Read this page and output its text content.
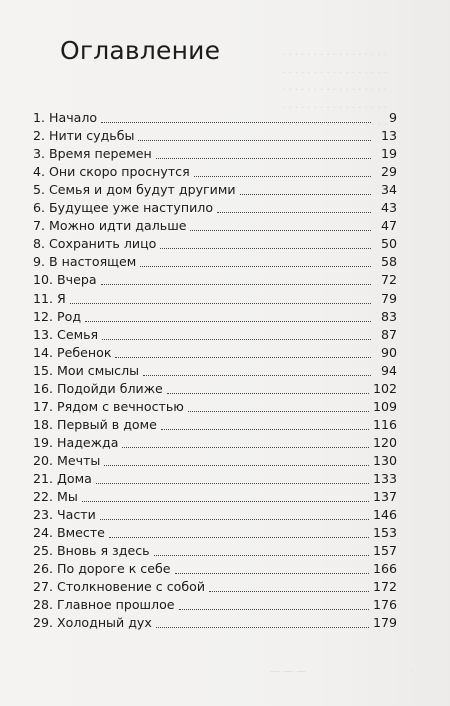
. . . . . . . . . . . . . . . . .
. . . . . . . . . . . . . . . . .
. . . . . . . . . . . . . . . . .
. . . . . . . . . . . . . . . . .
. . . . . . . . . . . . . . . . .
Оглавление
1. Начало	9
2. Нити судьбы	13
3. Время перемен	19
4. Они скоро проснутся	29
5. Семья и дом будут другими	34
6. Будущее уже наступило	43
7. Можно идти дальше	47
8. Сохранить лицо	50
9. В настоящем	58
10. Вчера	72
11. Я	79
12. Род	83
13. Семья	87
14. Ребенок	90
15. Мои смыслы	94
16. Подойди ближе	102
17. Рядом с вечностью	109
18. Первый в доме	116
19. Надежда	120
20. Мечты	130
21. Дома	133
22. Мы	137
23. Части	146
24. Вместе	153
25. Вновь я здесь	157
26. По дороге к себе	166
27. Столкновение с собой	172
28. Главное прошлое	176
29. Холодный дух	179
— — —	·
